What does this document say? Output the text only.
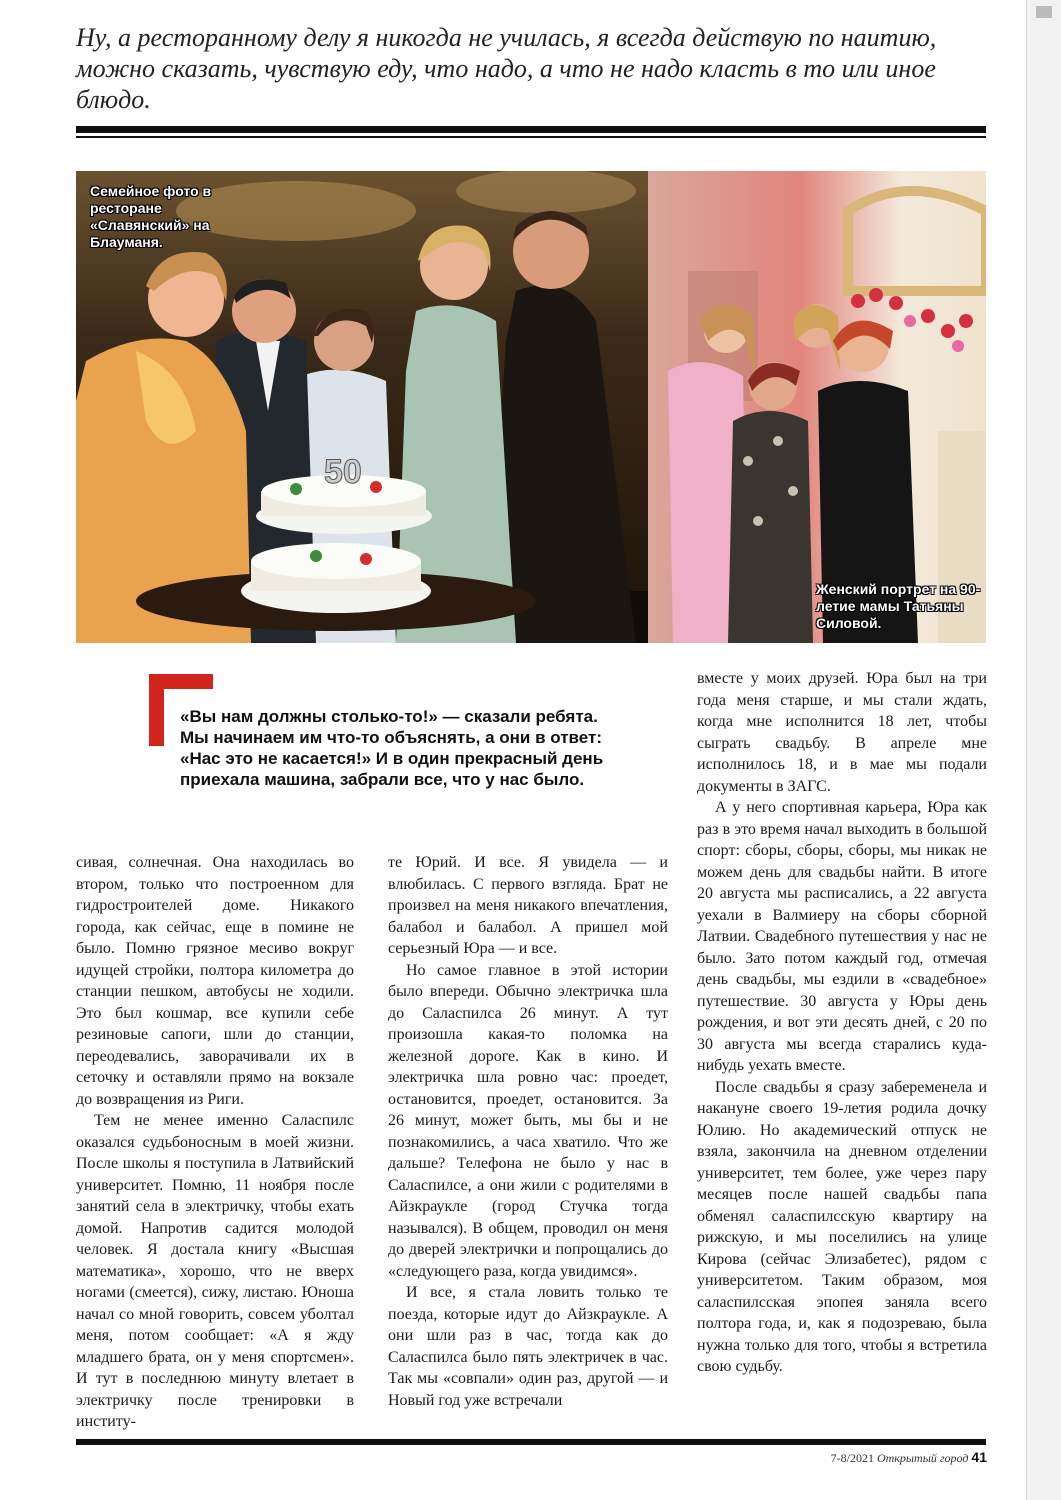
Ну, а ресторанному делу я никогда не училась, я всегда действую по наитию, можно сказать, чувствую еду, что надо, а что не надо класть в то или иное блюдо.
50
Семейное фото в ресторане «Славянский» на Блауманя.
Женский портрет на 90-летие мамы Татьяны Силовой.
«Вы нам должны столько-то!» — сказали ребята. Мы начинаем им что-то объяснять, а они в ответ: «Нас это не касается!» И в один прекрасный день приехала машина, забрали все, что у нас было.

сивая, солнечная. Она находилась во втором, только что построенном для гидростроителей доме. Никакого города, как сейчас, еще в помине не было. Помню грязное месиво вокруг идущей стройки, полтора километра до станции пешком, автобусы не ходили. Это был кошмар, все купили себе резиновые сапоги, шли до станции, переодевались, заворачивали их в сеточку и оставляли прямо на вокзале до возвращения из Риги.

Тем не менее именно Саласпилс оказался судьбоносным в моей жизни. После школы я поступила в Латвийский университет. Помню, 11 ноября после занятий села в электричку, чтобы ехать домой. Напротив садится молодой человек. Я достала книгу «Высшая математика», хорошо, что не вверх ногами (смеется), сижу, листаю. Юноша начал со мной говорить, совсем уболтал меня, потом сообщает: «А я жду младшего брата, он у меня спортсмен». И тут в последнюю минуту влетает в электричку после тренировки в институ-

те Юрий. И все. Я увидела — и влюбилась. С первого взгляда. Брат не произвел на меня никакого впечатления, балабол и балабол. А пришел мой серьезный Юра — и все.

Но самое главное в этой истории было впереди. Обычно электричка шла до Саласпилса 26 минут. А тут произошла какая-то поломка на железной дороге. Как в кино. И электричка шла ровно час: проедет, остановится, проедет, остановится. За 26 минут, может быть, мы бы и не познакомились, а часа хватило. Что же дальше? Телефона не было у нас в Саласпилсе, а они жили с родителями в Айзкраукле (город Стучка тогда назывался). В общем, проводил он меня до дверей электрички и попрощались до «следующего раза, когда увидимся».

И все, я стала ловить только те поезда, которые идут до Айзкраукле. А они шли раз в час, тогда как до Саласпилса было пять электричек в час. Так мы «совпали» один раз, другой — и Новый год уже встречали

вместе у моих друзей. Юра был на три года меня старше, и мы стали ждать, когда мне исполнится 18 лет, чтобы сыграть свадьбу. В апреле мне исполнилось 18, и в мае мы подали документы в ЗАГС.

А у него спортивная карьера, Юра как раз в это время начал выходить в большой спорт: сборы, сборы, сборы, мы никак не можем день для свадьбы найти. В итоге 20 августа мы расписались, а 22 августа уехали в Валмиеру на сборы сборной Латвии. Свадебного путешествия у нас не было. Зато потом каждый год, отмечая день свадьбы, мы ездили в «свадебное» путешествие. 30 августа у Юры день рождения, и вот эти десять дней, с 20 по 30 августа мы всегда старались куда-нибудь уехать вместе.

После свадьбы я сразу забеременела и накануне своего 19-летия родила дочку Юлию. Но академический отпуск не взяла, закончила на дневном отделении университет, тем более, уже через пару месяцев после нашей свадьбы папа обменял саласпилсскую квартиру на рижскую, и мы поселились на улице Кирова (сейчас Элизабетес), рядом с университетом. Таким образом, моя саласпилсская эпопея заняла всего полтора года, и, как я подозреваю, была нужна только для того, чтобы я встретила свою судьбу.

7-8/2021 Открытый город 41
